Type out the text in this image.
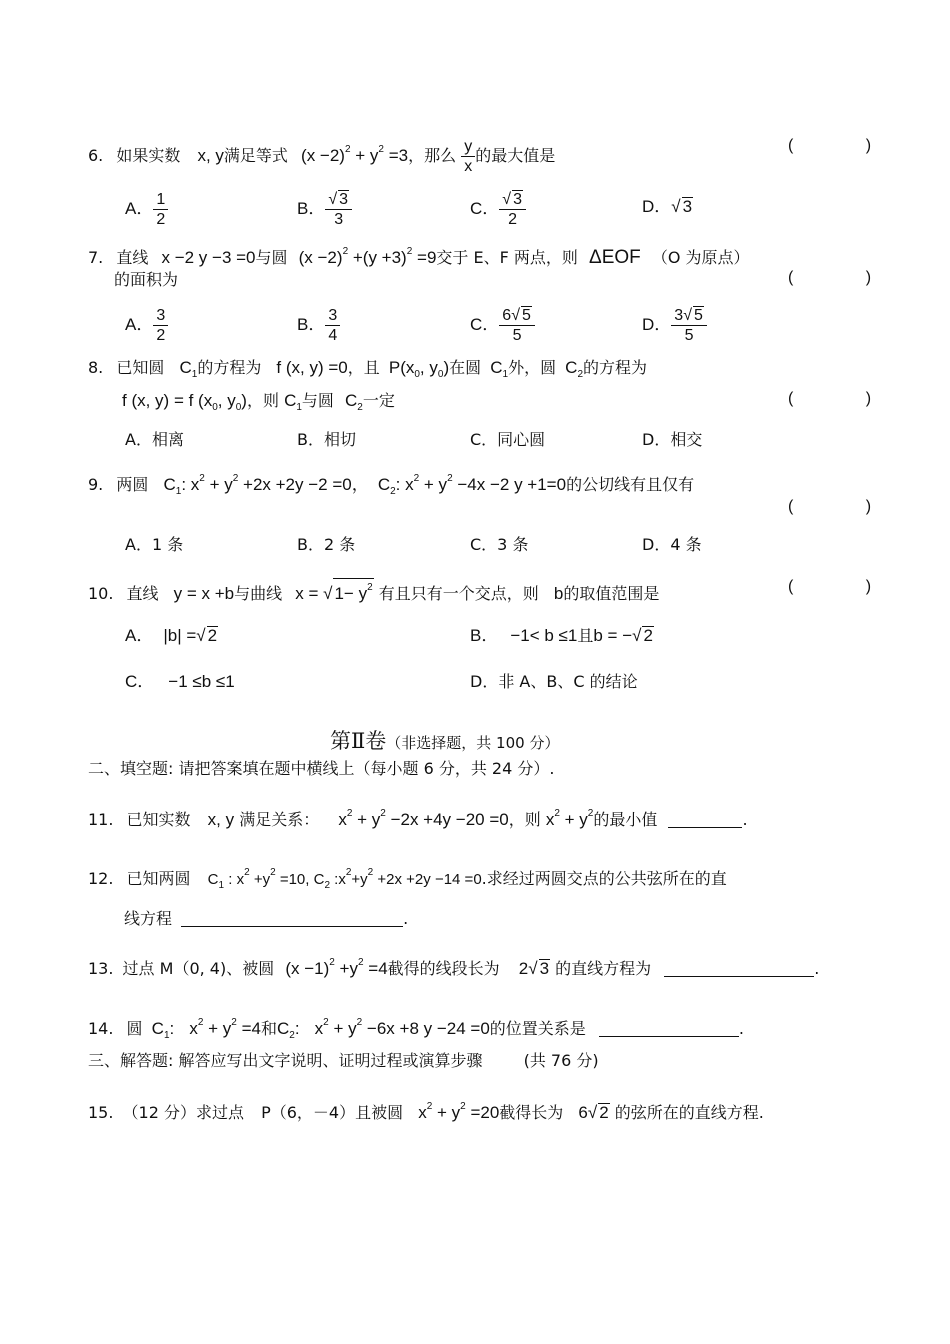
6. 如果实数 x, y满足等式 $(x -2)^2 + y^2 =3$，那么 $\frac{y}{x}$ 的最大值是
( )
A． $\frac{1}{2}$	B． $\frac{√ 3}{3}$	C． $\frac{√ 3}{2}$	D．√ 3
7. 直线 x −2 y −3 =0与圆 $(x -2)^2 +(y +3)^2 =9$交于 E、F 两点，则 ΔEOF （O 为原点）
的面积为	( )
A． $\frac{3}{2}$	B． $\frac{3}{4}$	C． $\frac{6√ 5}{5}$	D． $\frac{3√ 5}{5}$
8. 已知圆 $C_1$的方程为 f (x, y) =0，且 $P(x_0$, $y_0$)在圆 $C_1$外，圆 $C_2$的方程为
f (x, y) = f ($x_0$, $y_0$)，则 $C_1$与圆 $C_2$一定	( )
A．相离	B．相切	C．同心圆	D．相交
9. 两圆 $C_1$: $x^2 + y^2 +2x +2y -2 =0$， $C_2$: $x^2 + y^2 -4x -2$ y +1=0的公切线有且仅有
( )
A．1 条	B．2 条	C．3 条	D．4 条
10. 直线 y = x +b与曲线 x = √ $1- y^2$ 有且只有一个交点，则 b的取值范围是	( )
A． |b| =√ 2	B． −1< b ≤1且b = −√ 2
C． −1 ≤b ≤1	D．非 A、B、C 的结论
第Ⅱ卷（非选择题，共 100 分）
二、填空题: 请把答案填在题中横线上（每小题 6 分，共 24 分）.
11. 已知实数 x, y 满足关系： $x^2 + y^2 -2x +4y -20 =0$，则 $x^2 + y^2$的最小值	.
12. 已知两圆 $C_1$ : $x^2 +y^2 =10$, $C_2$ $:x^2+y^2 +2x +2y -14 =0$.求经过两圆交点的公共弦所在的直
线方程	.
13. 过点 M（0, 4)、被圆 $(x -1)^2 +y^2 =4$截得的线段长为 2√ 3 的直线方程为	.
14. 圆 $C_1$: $x^2 + y^2 =4$和$C_2$: $x^2 + y^2 -6x +8$ y −24 =0的位置关系是	.
三、解答题: 解答应写出文字说明、证明过程或演算步骤	(共 76 分)
15. （12 分）求过点 P（6，－4）且被圆 $x^2 + y^2 =20$截得长为 6√ 2 的弦所在的直线方程.
